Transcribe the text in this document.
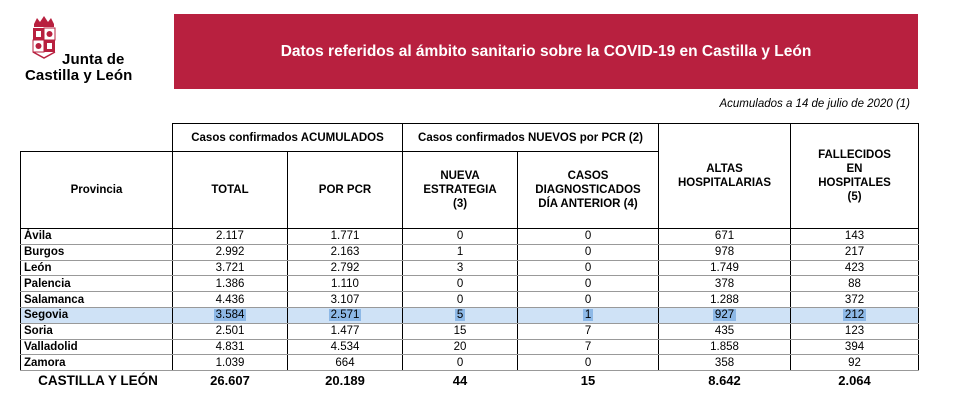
Junta de
Castilla y León
Datos referidos al ámbito sanitario sobre la COVID-19 en Castilla y León
Acumulados a 14 de julio de 2020 (1)
	Casos confirmados ACUMULADOS		Casos confirmados NUEVOS por PCR (2)		ALTAS HOSPITALARIAS	FALLECIDOS EN HOSPITALES (5)
Provincia	TOTAL	POR PCR	NUEVA ESTRATEGIA (3)	CASOS DIAGNOSTICADOS DÍA ANTERIOR (4)		
Ávila	2.117	1.771	0	0	671	143
Burgos	2.992	2.163	1	0	978	217
León	3.721	2.792	3	0	1.749	423
Palencia	1.386	1.110	0	0	378	88
Salamanca	4.436	3.107	0	0	1.288	372
Segovia	3.584	2.571	5	1	927	212
Soria	2.501	1.477	15	7	435	123
Valladolid	4.831	4.534	20	7	1.858	394
Zamora	1.039	664	0	0	358	92
CASTILLA Y LEÓN	26.607	20.189	44	15	8.642	2.064
